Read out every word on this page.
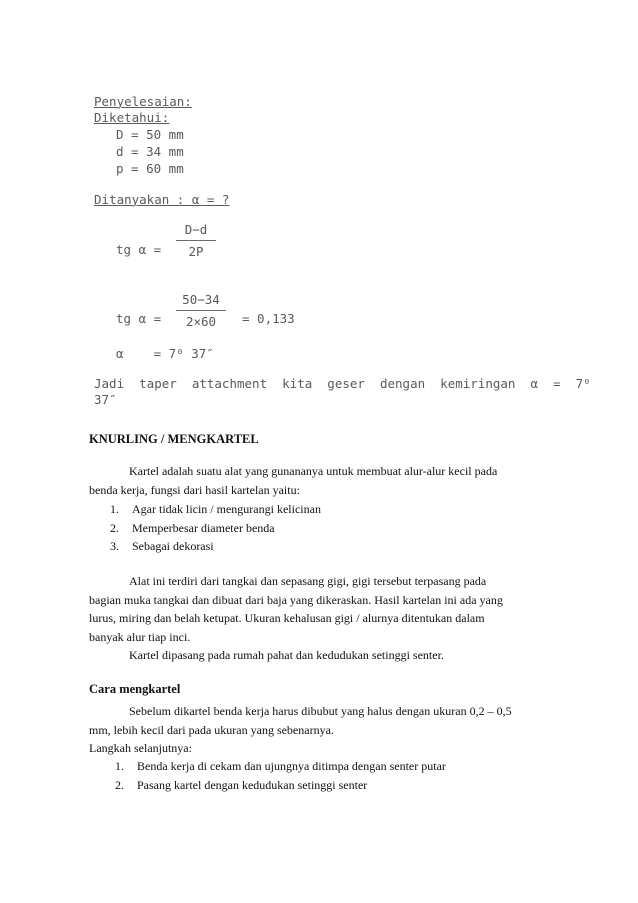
Penyelesaian:
Diketahui:
D = 50 mm
d = 34 mm
p = 60 mm
Ditanyakan : α = ?
tg α =
D−d
2P
tg α =
50−34
2×60	= 0,133
α    = 7⁰ 37″
Jadi  taper  attachment  kita  geser  dengan  kemiringan  α  =  7⁰
37″
KNURLING / MENGKARTEL
Kartel adalah suatu alat yang gunananya untuk membuat alur-alur kecil pada
benda kerja, fungsi dari hasil kartelan yaitu:
1. Agar tidak licin / mengurangi kelicinan
2. Memperbesar diameter benda
3. Sebagai dekorasi
Alat ini terdiri dari tangkai dan sepasang gigi, gigi tersebut terpasang pada
bagian muka tangkai dan dibuat dari baja yang dikeraskan. Hasil kartelan ini ada yang
lurus, miring dan belah ketupat. Ukuran kehalusan gigi / alurnya ditentukan dalam
banyak alur tiap inci.
Kartel dipasang pada rumah pahat dan kedudukan setinggi senter.
Cara mengkartel
Sebelum dikartel benda kerja harus dibubut yang halus dengan ukuran 0,2 – 0,5
mm, lebih kecil dari pada ukuran yang sebenarnya.
Langkah selanjutnya:
1. Benda kerja di cekam dan ujungnya ditimpa dengan senter putar
2. Pasang kartel dengan kedudukan setinggi senter
